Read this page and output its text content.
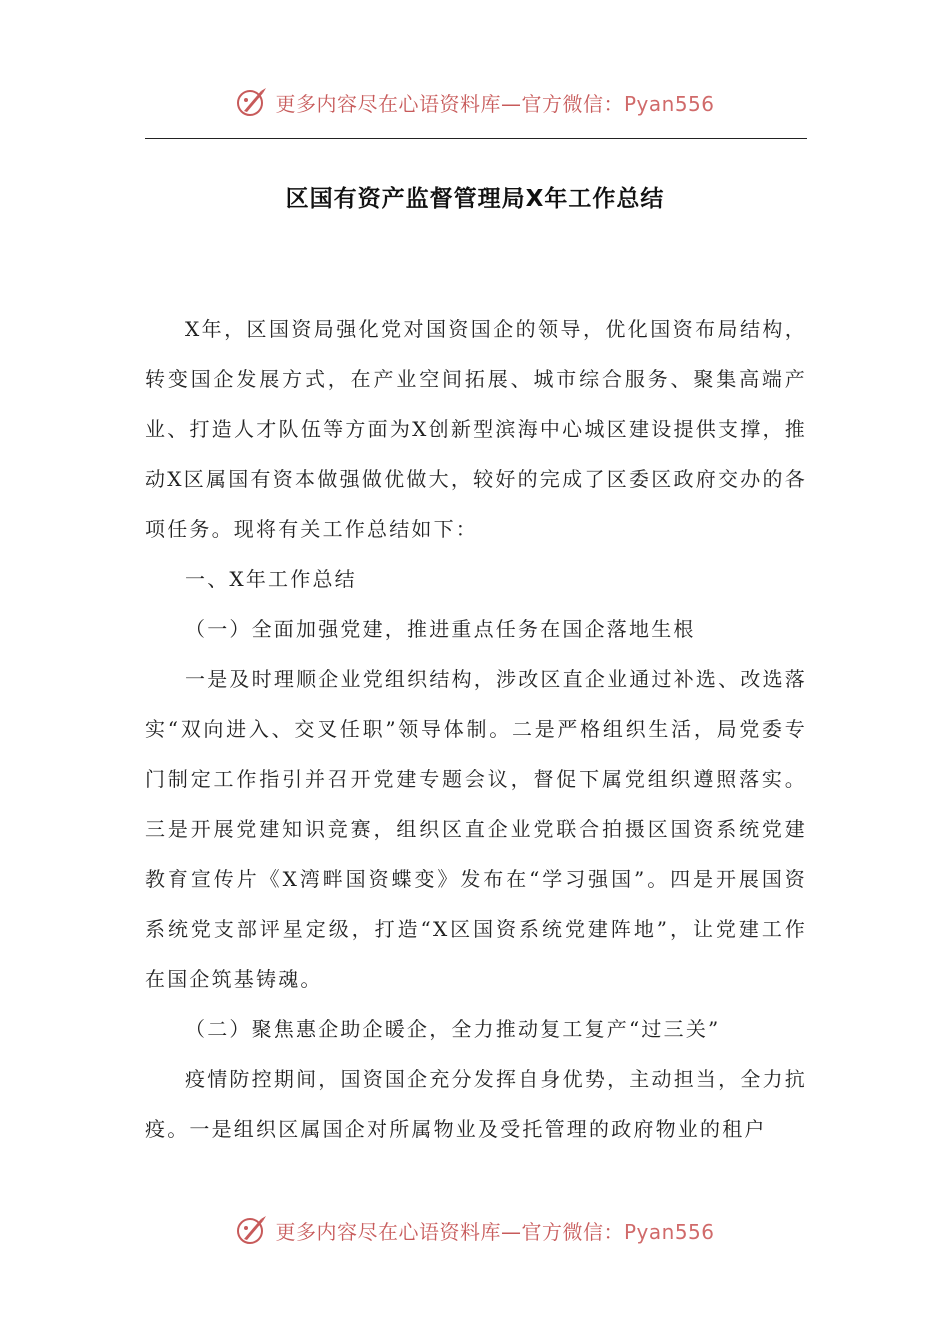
更多内容尽在心语资料库—官方微信：Pyan556
区国有资产监督管理局X年工作总结

X年，区国资局强化党对国资国企的领导，优化国资布局结构，转变国企发展方式，在产业空间拓展、城市综合服务、聚集高端产业、打造人才队伍等方面为X创新型滨海中心城区建设提供支撑，推动X区属国有资本做强做优做大，较好的完成了区委区政府交办的各项任务。现将有关工作总结如下：

一、X年工作总结

（一）全面加强党建，推进重点任务在国企落地生根

一是及时理顺企业党组织结构，涉改区直企业通过补选、改选落实“双向进入、交叉任职”领导体制。二是严格组织生活，局党委专门制定工作指引并召开党建专题会议，督促下属党组织遵照落实。三是开展党建知识竞赛，组织区直企业党联合拍摄区国资系统党建教育宣传片《X湾畔国资蝶变》发布在“学习强国”。四是开展国资系统党支部评星定级，打造“X区国资系统党建阵地”，让党建工作在国企筑基铸魂。

（二）聚焦惠企助企暖企，全力推动复工复产“过三关”

疫情防控期间，国资国企充分发挥自身优势，主动担当，全力抗疫。一是组织区属国企对所属物业及受托管理的政府物业的租户

更多内容尽在心语资料库—官方微信：Pyan556
